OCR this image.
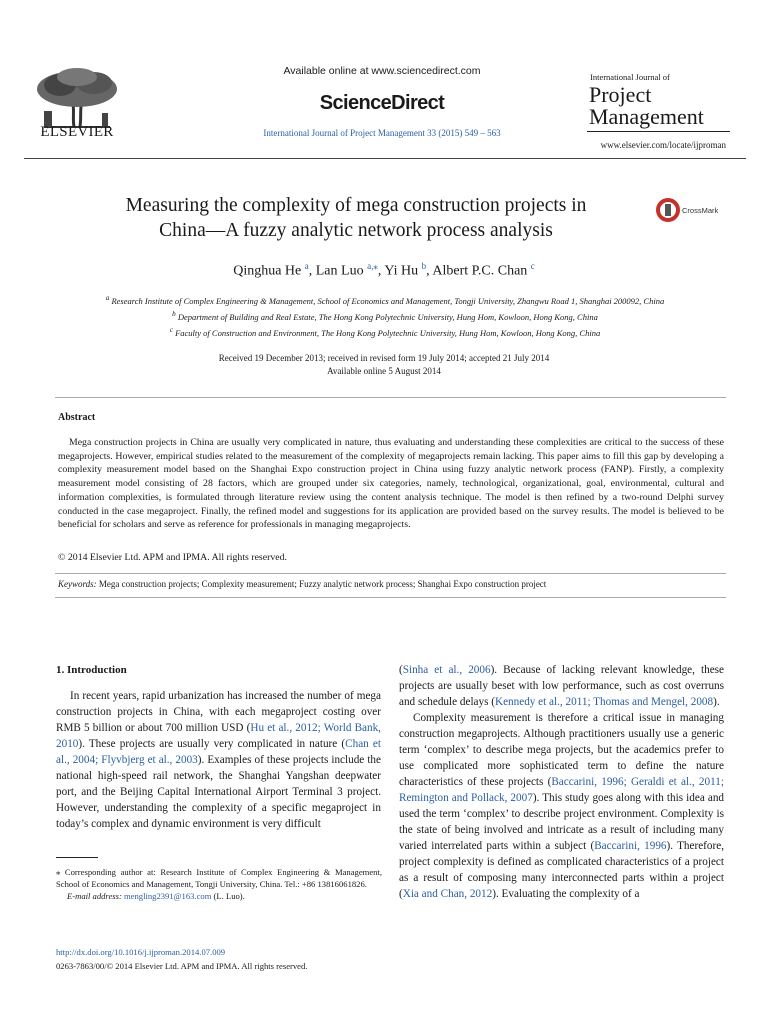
ELSEVIER
Available online at www.sciencedirect.com
ScienceDirect
International Journal of Project Management 33 (2015) 549 – 563
International Journal of
Project
Management
www.elsevier.com/locate/ijproman
Measuring the complexity of mega construction projects in
China—A fuzzy analytic network process analysis
CrossMark
Qinghua He $^a$, Lan Luo $^{a,⁎}$, Yi Hu $^b$, Albert P.C. Chan $^c$
$^a$ Research Institute of Complex Engineering & Management, School of Economics and Management, Tongji University, Zhangwu Road 1, Shanghai 200092, China
$^b$ Department of Building and Real Estate, The Hong Kong Polytechnic University, Hung Hom, Kowloon, Hong Kong, China
$^c$ Faculty of Construction and Environment, The Hong Kong Polytechnic University, Hung Hom, Kowloon, Hong Kong, China
Received 19 December 2013; received in revised form 19 July 2014; accepted 21 July 2014
Available online 5 August 2014
Abstract
Mega construction projects in China are usually very complicated in nature, thus evaluating and understanding these complexities are critical to the success of these megaprojects. However, empirical studies related to the measurement of the complexity of megaprojects remain lacking. This paper aims to fill this gap by developing a complexity measurement model based on the Shanghai Expo construction project in China using fuzzy analytic network process (FANP). Firstly, a complexity measurement model consisting of 28 factors, which are grouped under six categories, namely, technological, organizational, goal, environmental, cultural and information complexities, is formulated through literature review using the content analysis technique. The model is then refined by a two-round Delphi survey conducted in the case megaproject. Finally, the refined model and suggestions for its application are provided based on the survey results. The model is believed to be beneficial for scholars and serve as reference for professionals in managing megaprojects.
© 2014 Elsevier Ltd. APM and IPMA. All rights reserved.
Keywords: Mega construction projects; Complexity measurement; Fuzzy analytic network process; Shanghai Expo construction project
1. Introduction

In recent years, rapid urbanization has increased the number of mega construction projects in China, with each megaproject costing over RMB 5 billion or about 700 million USD (Hu et al., 2012; World Bank, 2010). These projects are usually very complicated in nature (Chan et al., 2004; Flyvbjerg et al., 2003). Examples of these projects include the national high-speed rail network, the Shanghai Yangshan deepwater port, and the Beijing Capital International Airport Terminal 3 project. However, understanding the complexity of a specific megaproject in today’s complex and dynamic environment is very difficult

(Sinha et al., 2006). Because of lacking relevant knowledge, these projects are usually beset with low performance, such as cost overruns and schedule delays (Kennedy et al., 2011; Thomas and Mengel, 2008).

Complexity measurement is therefore a critical issue in managing construction megaprojects. Although practitioners usually use a generic term ‘complex’ to describe mega projects, but the academics prefer to use complicated more sophisticated term to define the nature characteristics of these projects (Baccarini, 1996; Geraldi et al., 2011; Remington and Pollack, 2007). This study goes along with this idea and used the term ‘complex’ to describe project environment. Complexity is the state of being involved and intricate as a result of including many varied interrelated parts within a subject (Baccarini, 1996). Therefore, project complexity is defined as complicated characteristics of a project as a result of composing many interconnected parts within a project (Xia and Chan, 2012). Evaluating the complexity of a

⁎ Corresponding author at: Research Institute of Complex Engineering & Management, School of Economics and Management, Tongji University, China. Tel.: +86 13816061826.
E-mail address: mengling2391@163.com (L. Luo).
http://dx.doi.org/10.1016/j.ijproman.2014.07.009
0263-7863/00/© 2014 Elsevier Ltd. APM and IPMA. All rights reserved.
